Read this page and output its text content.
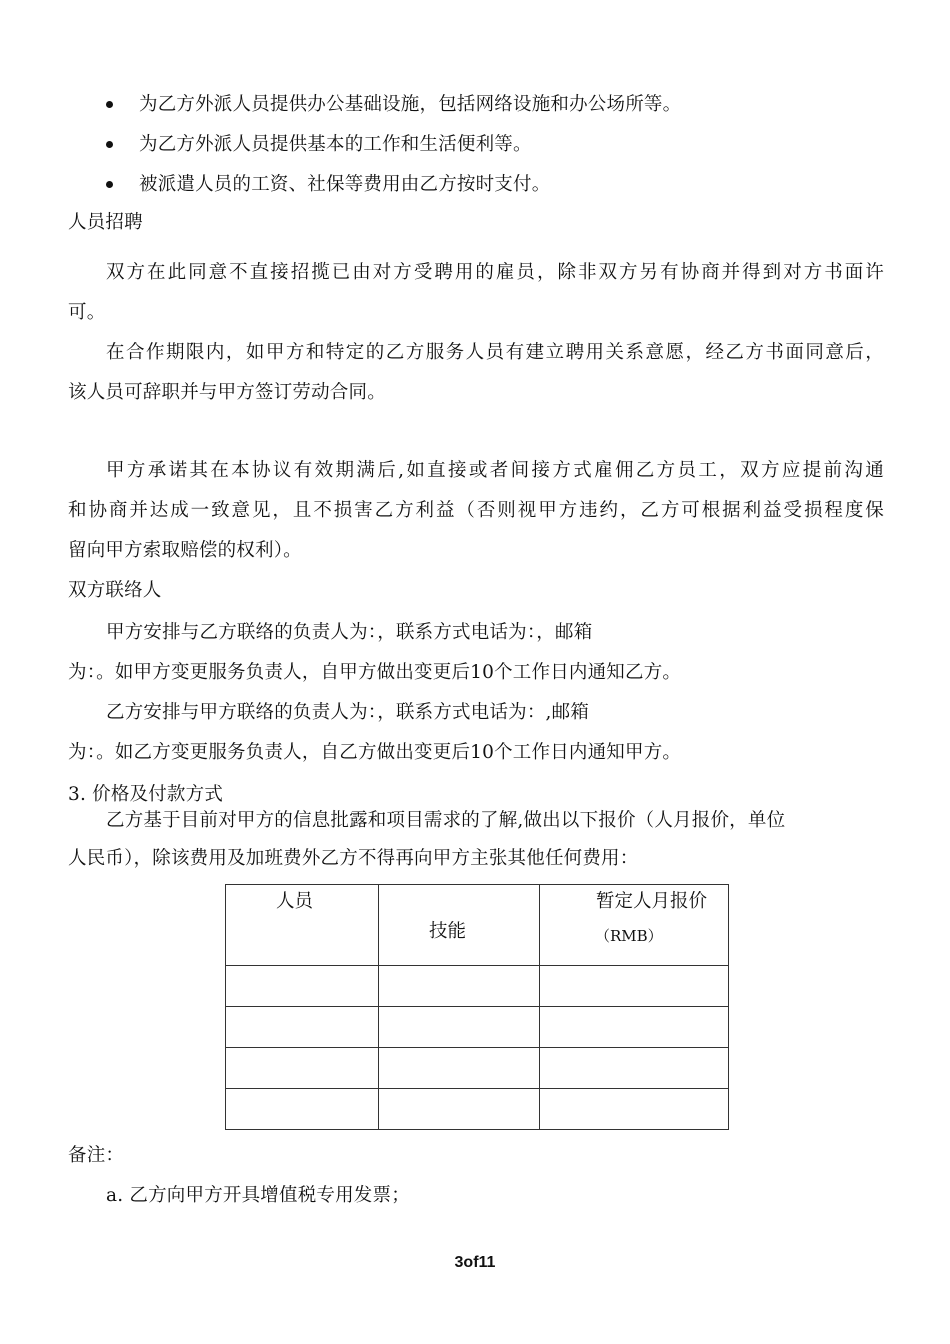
为乙方外派人员提供办公基础设施，包括网络设施和办公场所等。
为乙方外派人员提供基本的工作和生活便利等。
被派遣人员的工资、社保等费用由乙方按时支付。
人员招聘
双方在此同意不直接招揽已由对方受聘用的雇员，除非双方另有协商并得到对方书面许
可。
在合作期限内，如甲方和特定的乙方服务人员有建立聘用关系意愿，经乙方书面同意后，
该人员可辞职并与甲方签订劳动合同。
甲方承诺其在本协议有效期满后,如直接或者间接方式雇佣乙方员工，双方应提前沟通
和协商并达成一致意见，且不损害乙方利益（否则视甲方违约，乙方可根据利益受损程度保
留向甲方索取赔偿的权利）。
双方联络人
甲方安排与乙方联络的负责人为：，联系方式电话为：，邮箱
为：。如甲方变更服务负责人，自甲方做出变更后10个工作日内通知乙方。
乙方安排与甲方联络的负责人为：，联系方式电话为：,邮箱
为：。如乙方变更服务负责人，自乙方做出变更后10个工作日内通知甲方。
3. 价格及付款方式
乙方基于目前对甲方的信息批露和项目需求的了解,做出以下报价（人月报价，单位
人民币），除该费用及加班费外乙方不得再向甲方主张其他任何费用：
人员	技能	暂定人月报价
（RMB）

备注：
a. 乙方向甲方开具增值税专用发票；
3of11
